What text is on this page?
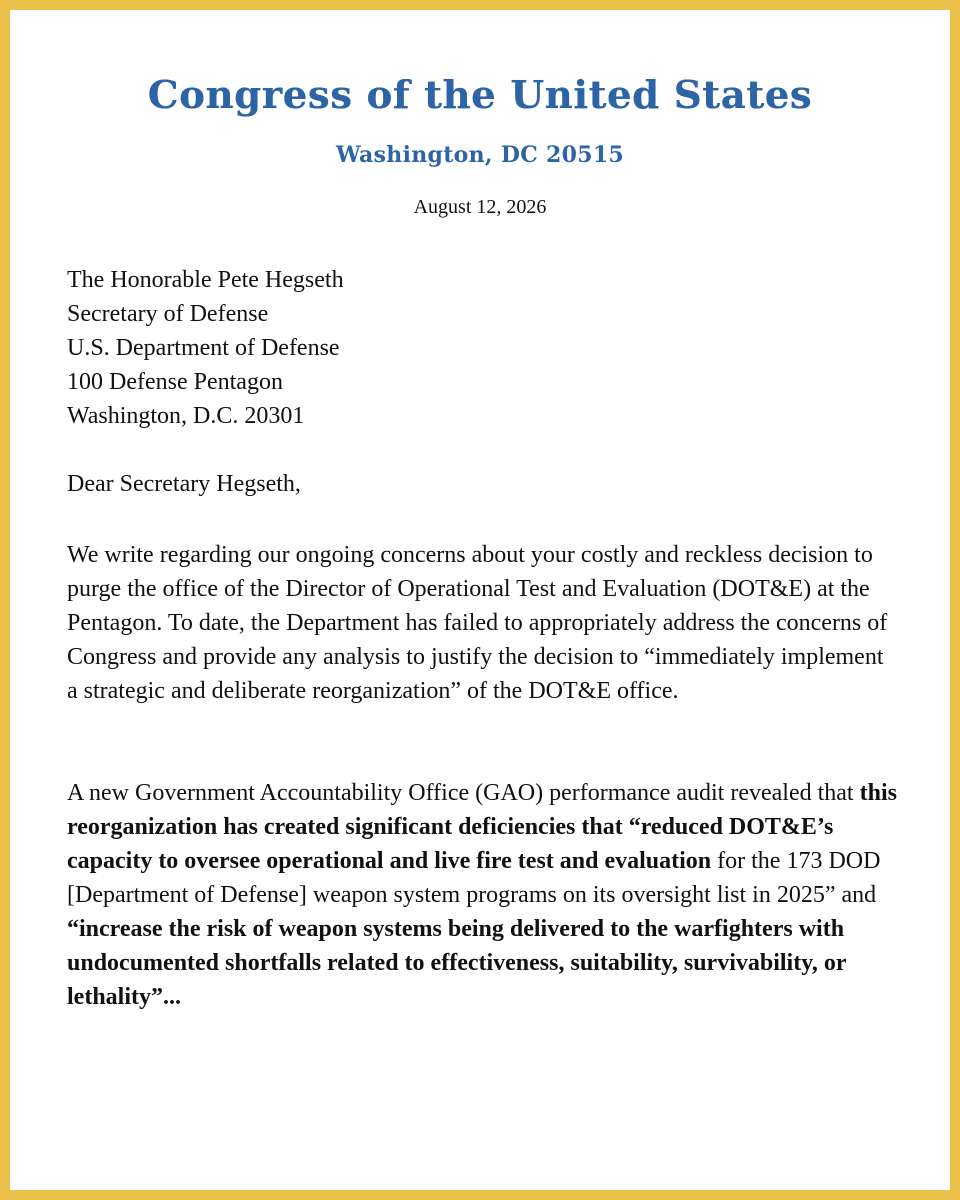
Congress of the United States
Washington, DC 20515
August 12, 2026
The Honorable Pete Hegseth
Secretary of Defense
U.S. Department of Defense
100 Defense Pentagon
Washington, D.C. 20301
Dear Secretary Hegseth,
We write regarding our ongoing concerns about your costly and reckless decision to purge the office of the Director of Operational Test and Evaluation (DOT&E) at the Pentagon. To date, the Department has failed to appropriately address the concerns of Congress and provide any analysis to justify the decision to “immediately implement a strategic and deliberate reorganization” of the DOT&E office.
A new Government Accountability Office (GAO) performance audit revealed that this reorganization has created significant deficiencies that “reduced DOT&E’s capacity to oversee operational and live fire test and evaluation for the 173 DOD [Department of Defense] weapon system programs on its oversight list in 2025” and “increase the risk of weapon systems being delivered to the warfighters with undocumented shortfalls related to effectiveness, suitability, survivability, or lethality”...
